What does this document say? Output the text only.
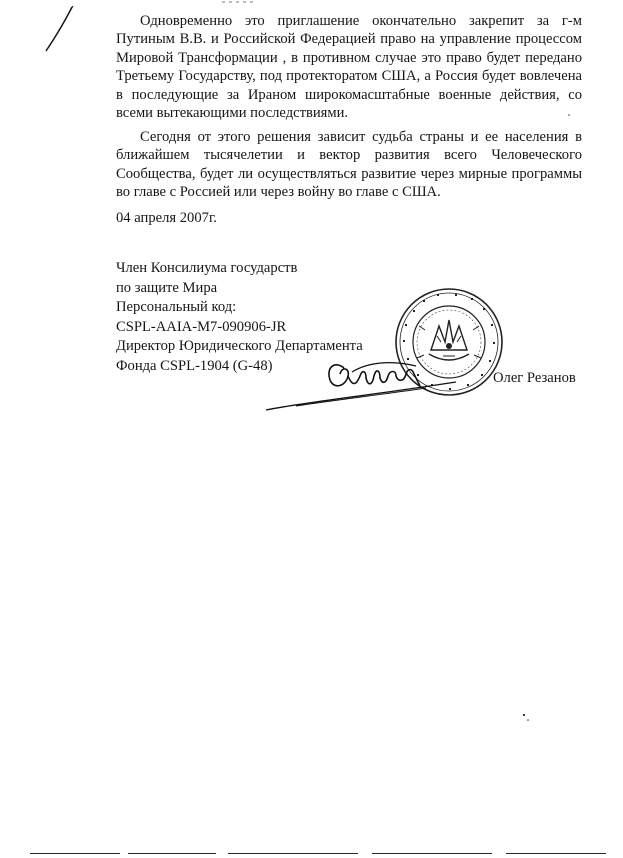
Одновременно это приглашение окончательно закрепит за г-м Путиным В.В. и Российской Федерацией право на управление процессом Мировой Трансформации , в противном случае это право будет передано Третьему Государству, под протекторатом США, а Россия будет вовлечена в последующие за Ираном широкомасштабные военные действия, со всеми вытекающими последствиями.

Сегодня от этого решения зависит судьба страны и ее населения в ближайшем тысячелетии и вектор развития всего Человеческого Сообщества, будет ли осуществляться развитие через мирные программы во главе с Россией или через войну во главе с США.

04 апреля 2007г.

Член Консилиума государств
по защите Мира
Персональный код:
CSPL-AAIA-M7-090906-JR
Директор Юридического Департамента
Фонда CSPL-1904 (G-48)

Олег Резанов
